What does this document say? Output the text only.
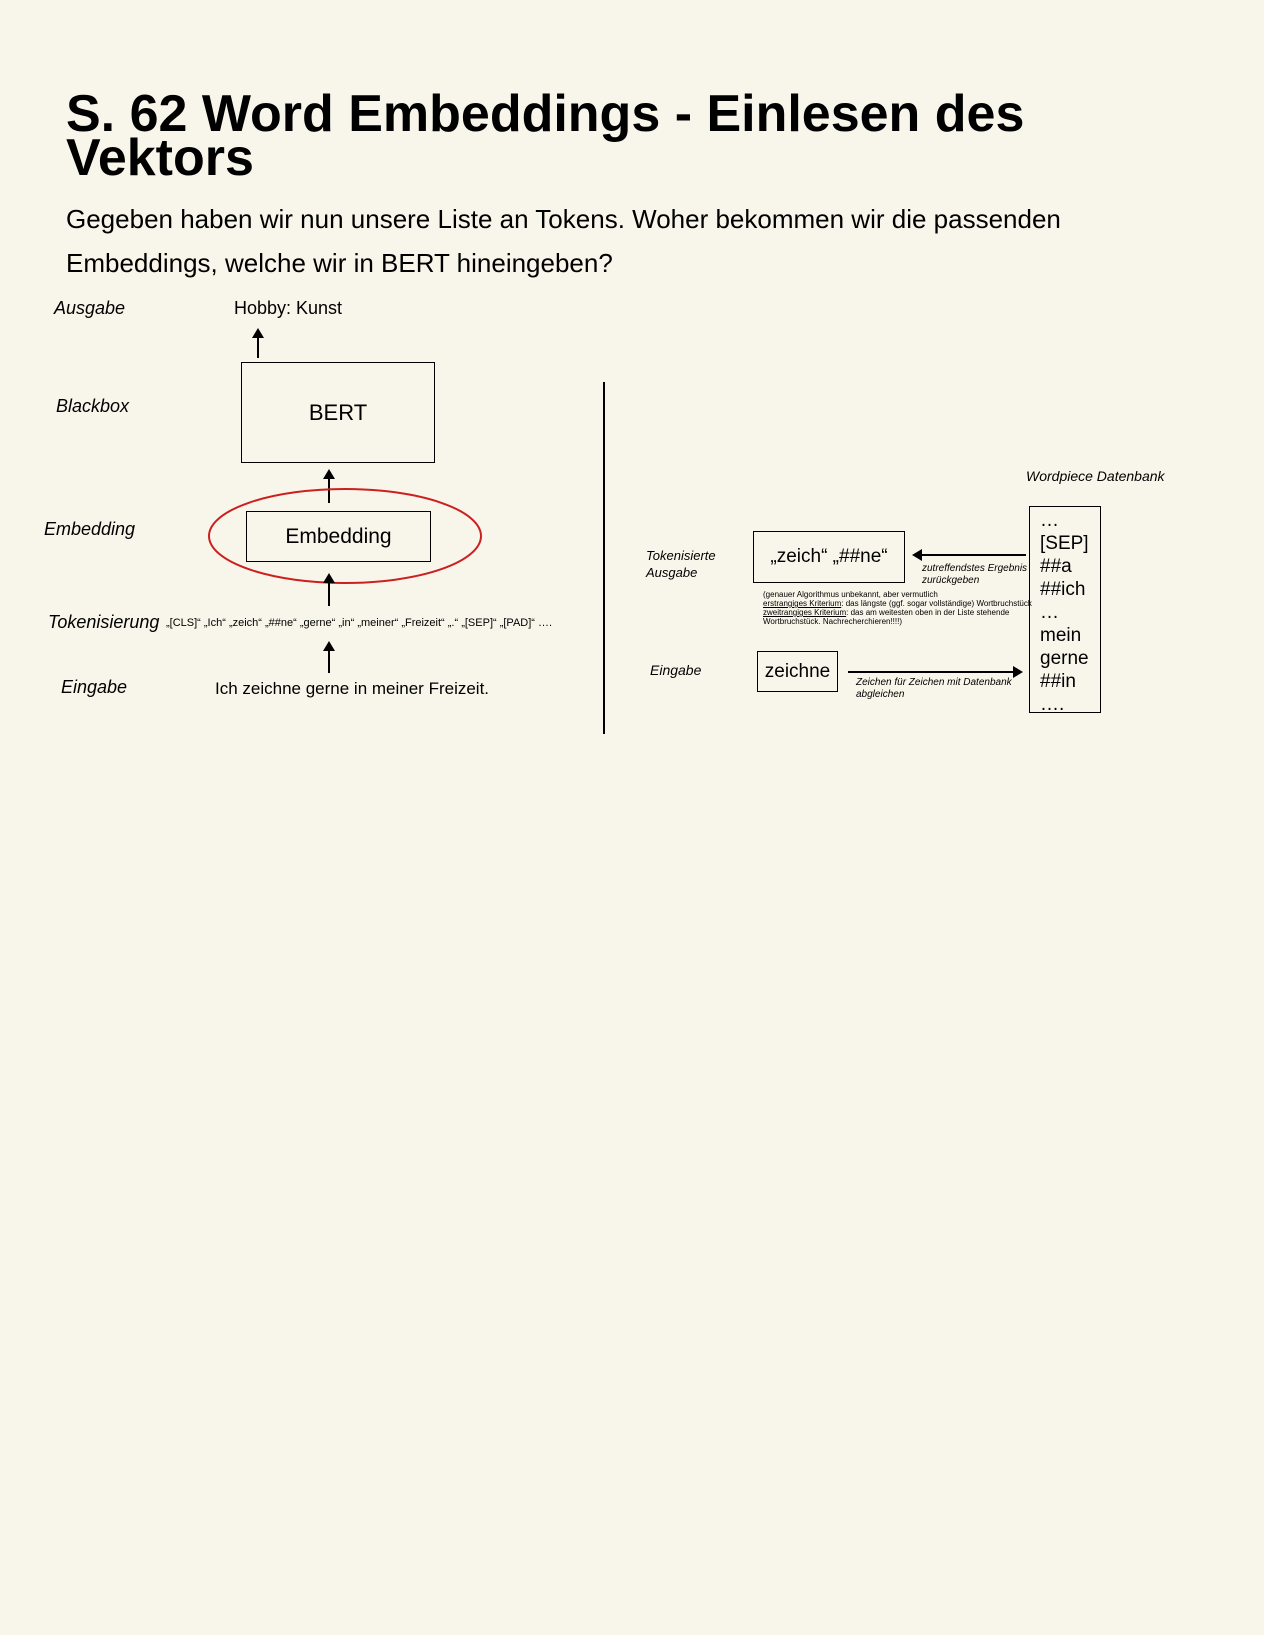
S. 62 Word Embeddings - Einlesen des Vektors

Gegeben haben wir nun unsere Liste an Tokens. Woher bekommen wir die passenden Embeddings, welche wir in BERT hineingeben?

Ausgabe
Blackbox
Embedding
Tokenisierung
Eingabe
Hobby: Kunst
BERT
Embedding
„[CLS]“ „Ich“ „zeich“ „##ne“ „gerne“ „in“ „meiner“ „Freizeit“ „.“ „[SEP]“ „[PAD]“ ….
Ich zeichne gerne in meiner Freizeit.
Wordpiece Datenbank
…
[SEP]
##a
##ich
…
mein
gerne
##in
….
Tokenisierte
Ausgabe
„zeich“ „##ne“
zutreffendstes Ergebnis
zurückgeben
(genauer Algorithmus unbekannt, aber vermutlich
erstrangiges Kriterium: das längste (ggf. sogar vollständige) Wortbruchstück
zweitrangiges Kriterium: das am weitesten oben in der Liste stehende
Wortbruchstück. Nachrecherchieren!!!!)
Eingabe	zeichne
Zeichen für Zeichen mit Datenbank
abgleichen
